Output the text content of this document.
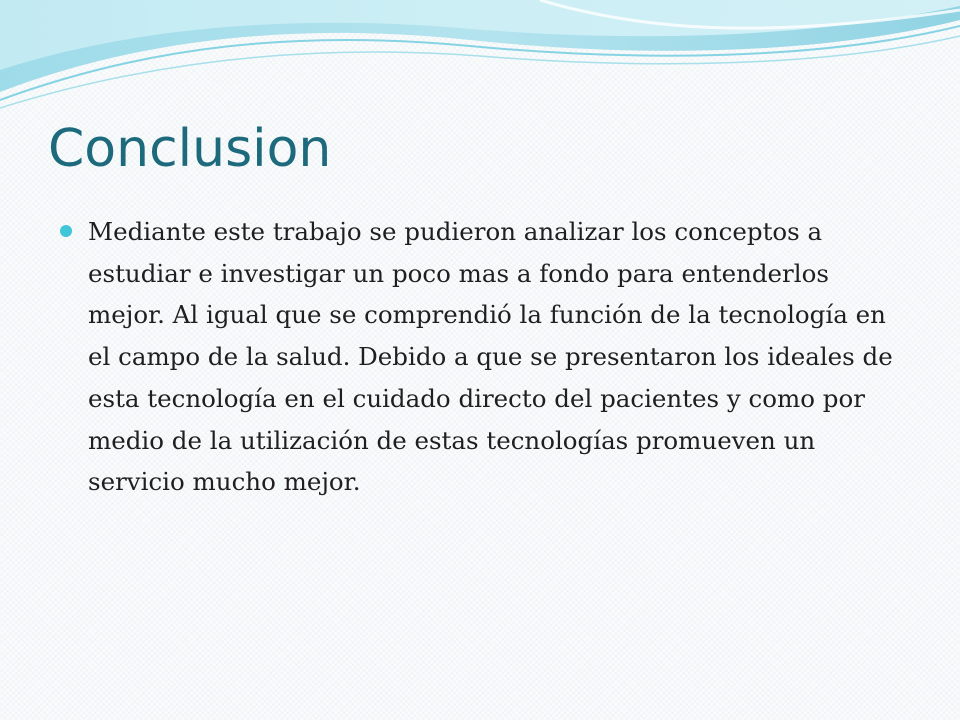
Conclusion
Mediante este trabajo se pudieron analizar los conceptos a estudiar e investigar un poco mas a fondo para entenderlos mejor. Al igual que se comprendió la función de la tecnología en el campo de la salud. Debido a que se presentaron los ideales de esta tecnología en el cuidado directo del pacientes y como por medio de la utilización de estas tecnologías promueven un servicio mucho mejor.
